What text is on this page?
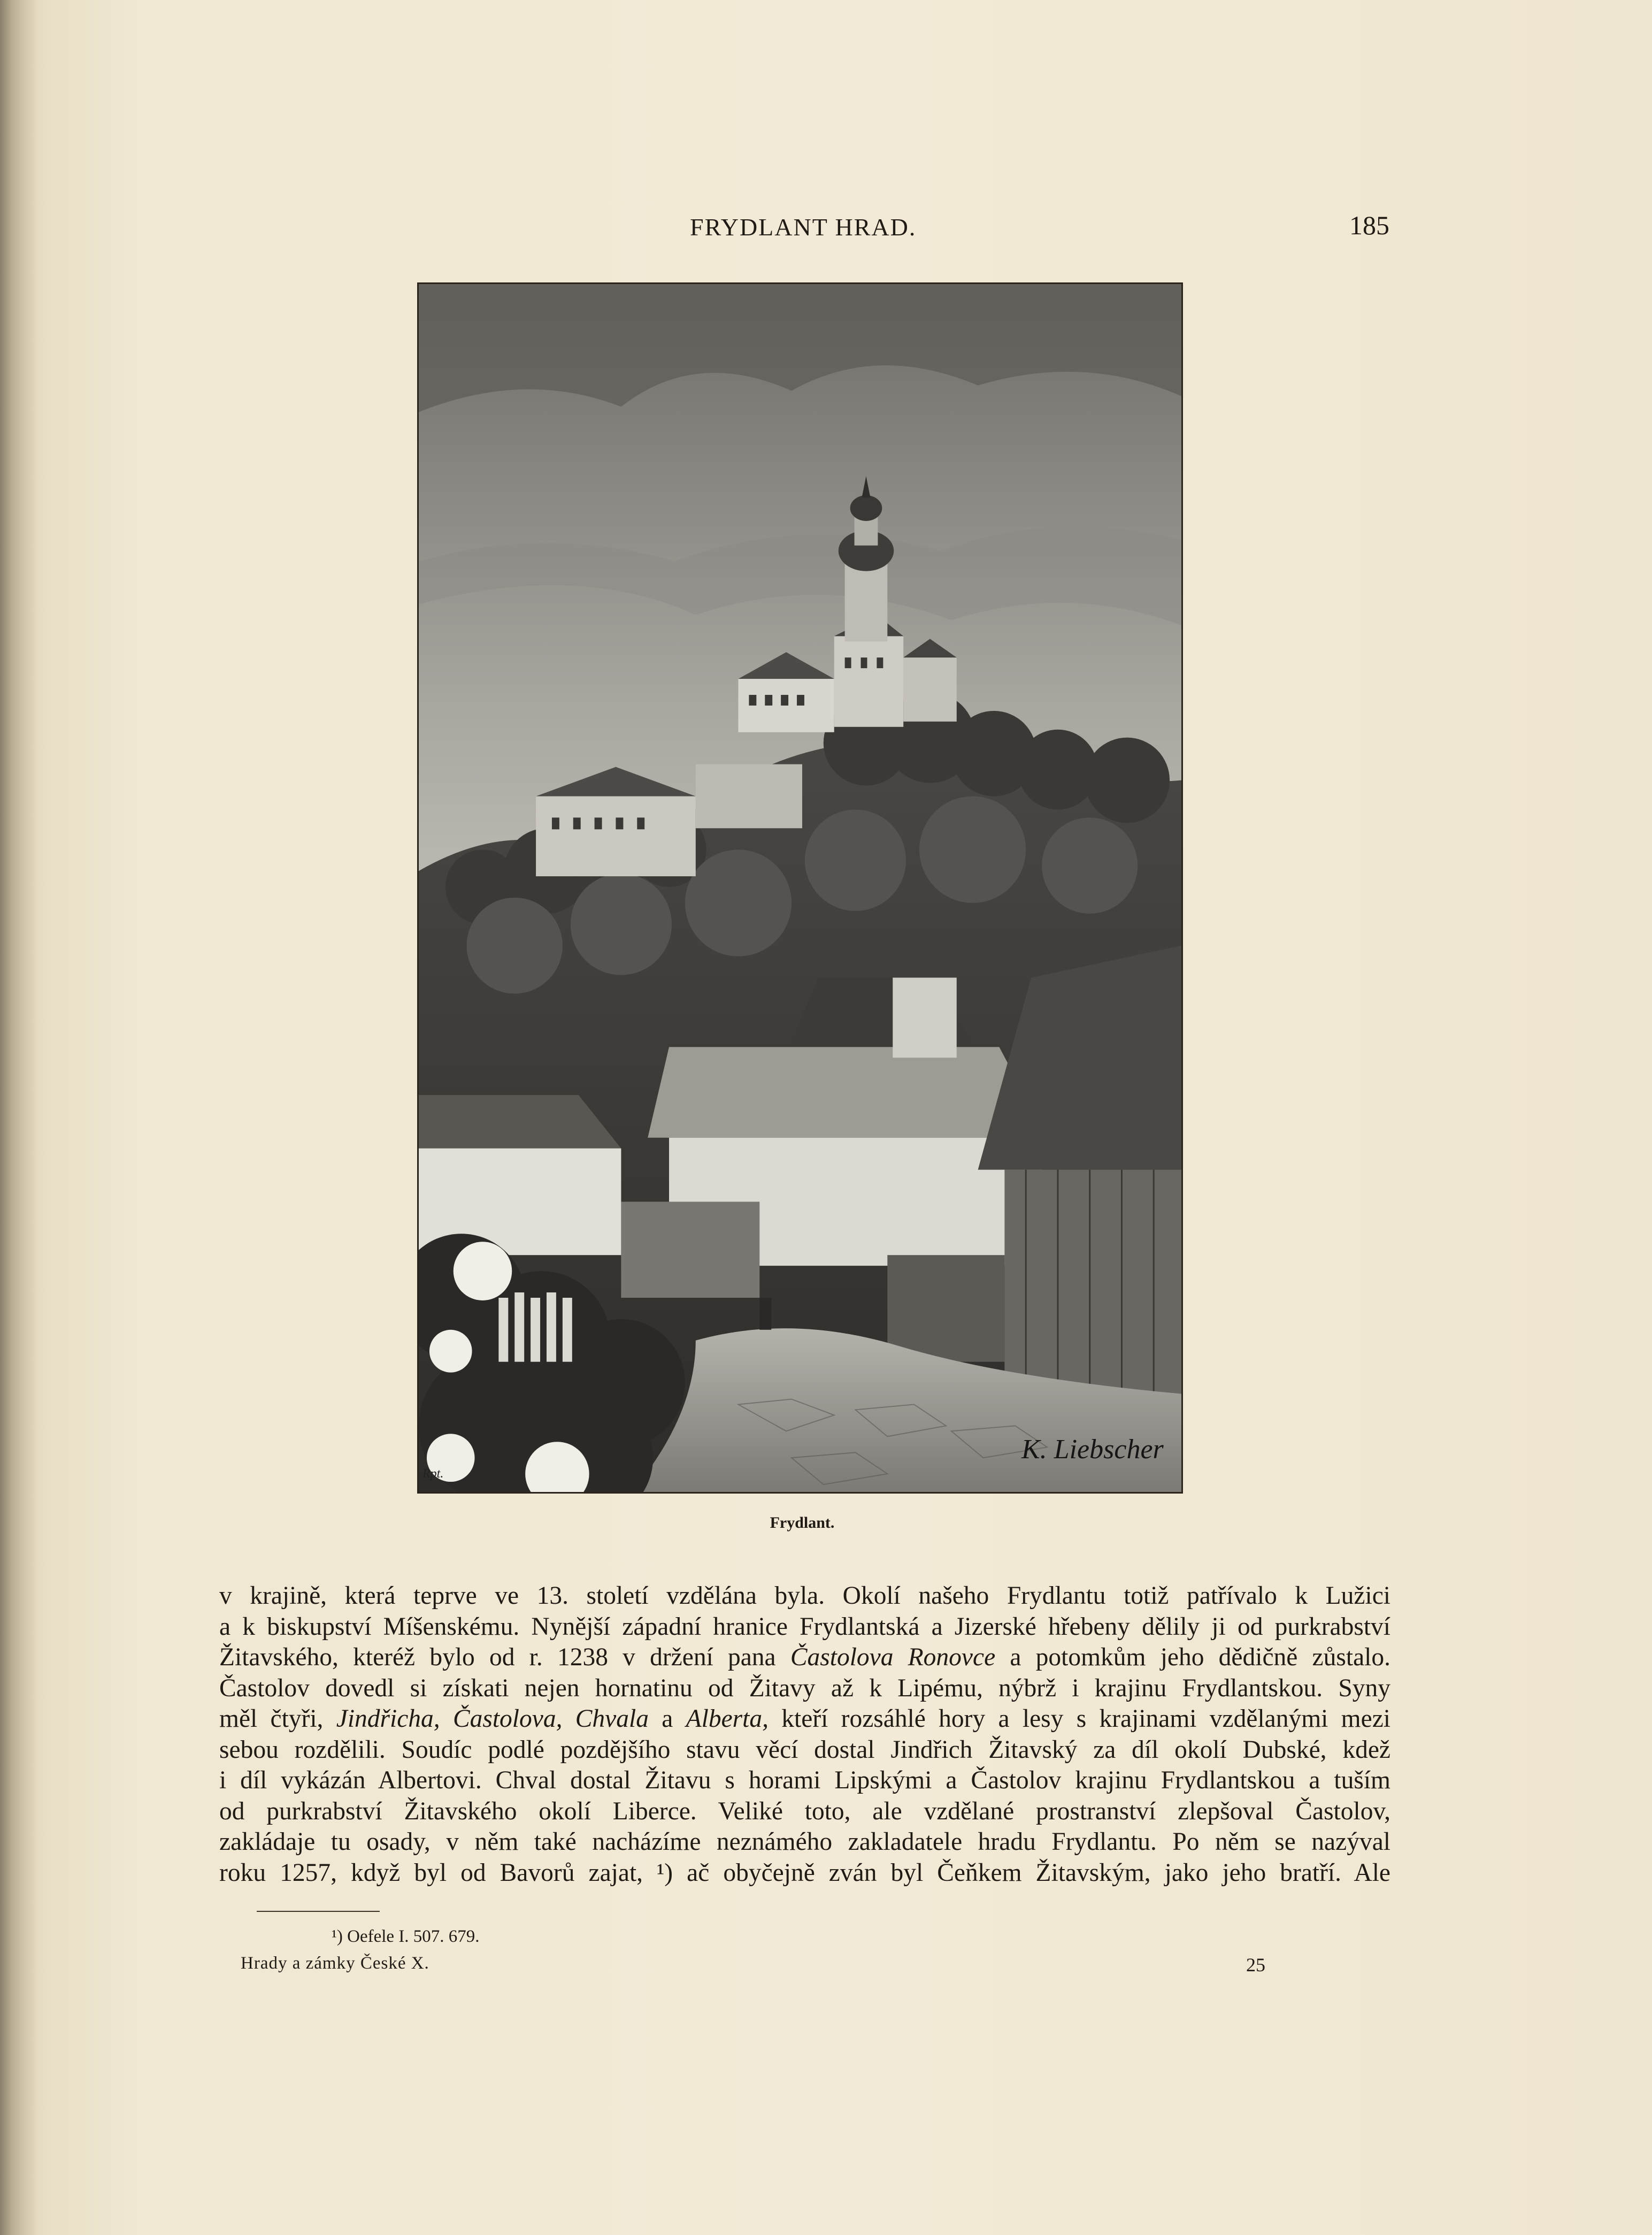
FRYDLANT HRAD.	185
K. Liebscher
Rpt.
Frydlant.
v krajině, která teprve ve 13. století vzdělána byla. Okolí našeho Frydlantu totiž patřívalo k Lužici
a k biskupství Míšenskému. Nynější západní hranice Frydlantská a Jizerské hřebeny dělily ji od purkrabství
Žitavského, kteréž bylo od r. 1238 v držení pana Častolova Ronovce a potomkům jeho dědičně zůstalo.
Častolov dovedl si získati nejen hornatinu od Žitavy až k Lipému, nýbrž i krajinu Frydlantskou. Syny
měl čtyři, Jindřicha, Častolova, Chvala a Alberta, kteří rozsáhlé hory a lesy s krajinami vzdělanými mezi
sebou rozdělili. Soudíc podlé pozdějšího stavu věcí dostal Jindřich Žitavský za díl okolí Dubské, kdež
i díl vykázán Albertovi. Chval dostal Žitavu s horami Lipskými a Častolov krajinu Frydlantskou a tuším
od purkrabství Žitavského okolí Liberce. Veliké toto, ale vzdělané prostranství zlepšoval Častolov,
zakládaje tu osady, v něm také nacházíme neznámého zakladatele hradu Frydlantu. Po něm se nazýval
roku 1257, když byl od Bavorů zajat, ¹) ač obyčejně zván byl Čeňkem Žitavským, jako jeho bratří. Ale
¹) Oefele I. 507. 679.
Hrady a zámky České X.	25
